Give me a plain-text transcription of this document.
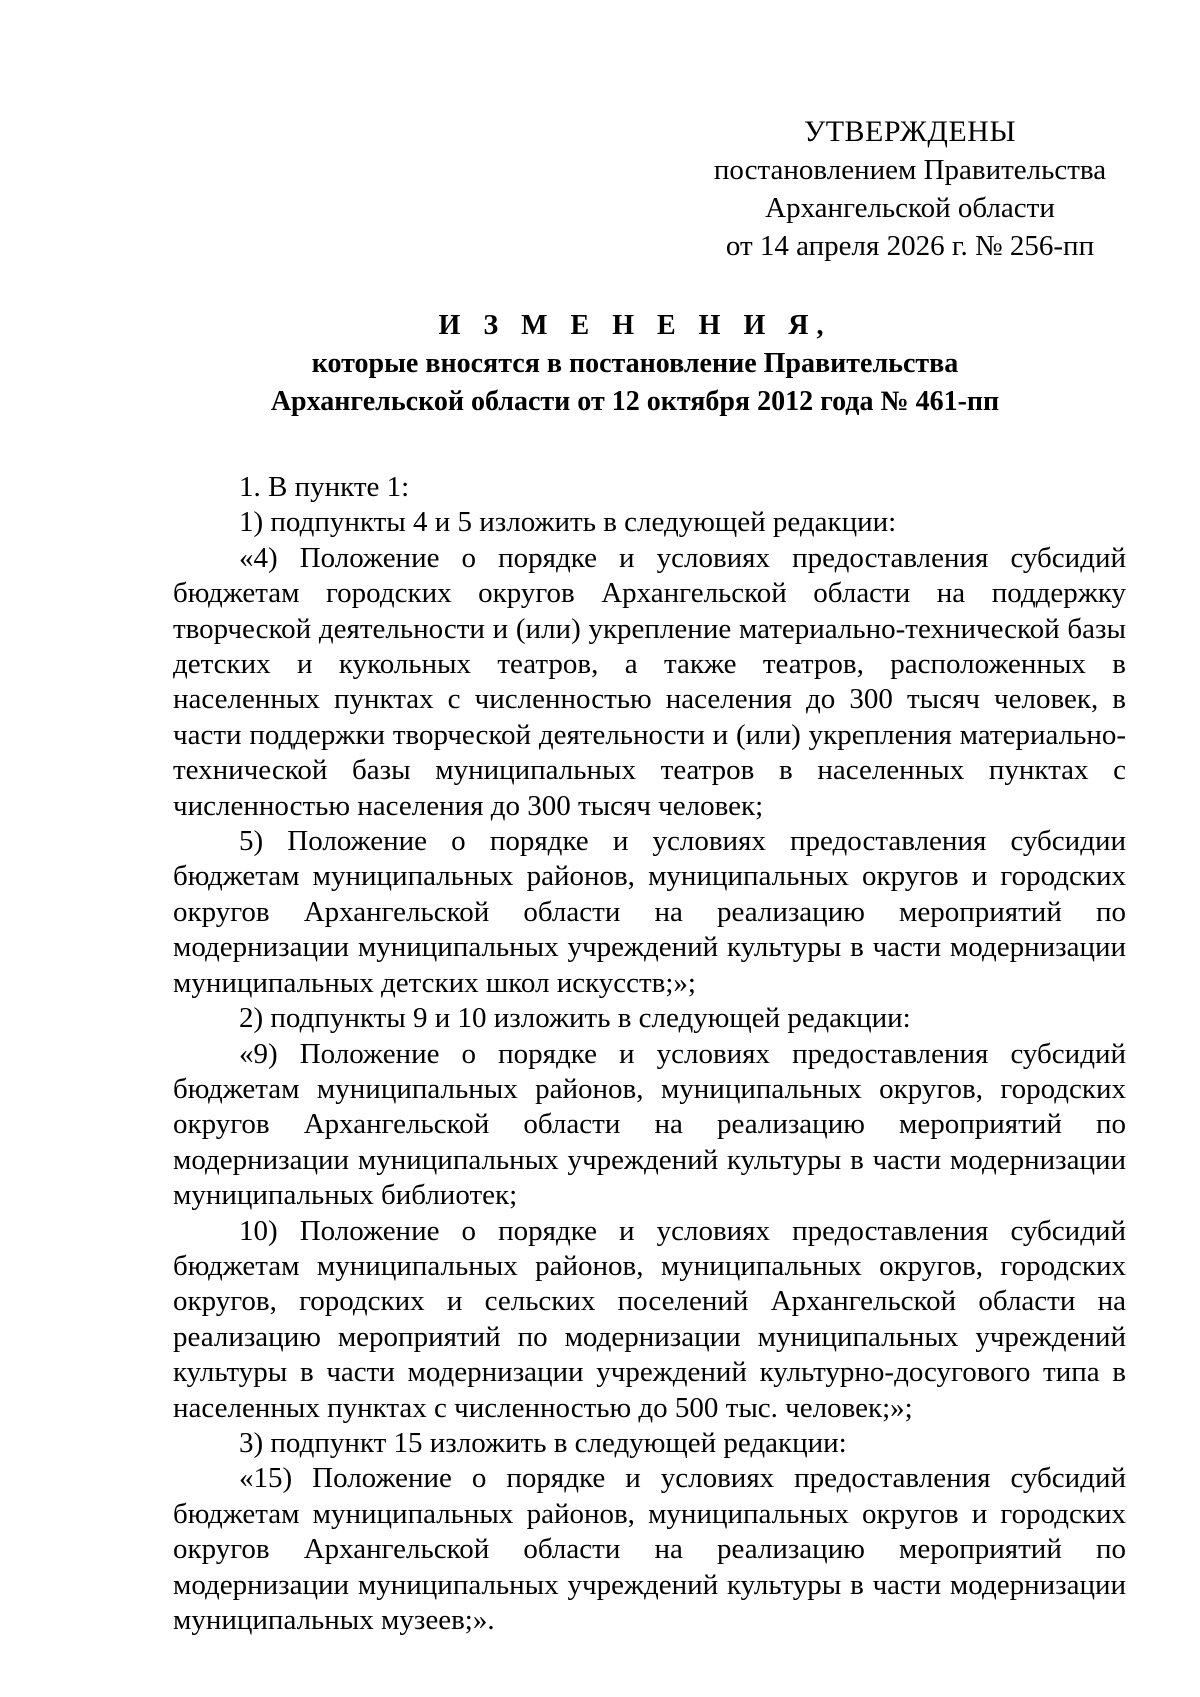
УТВЕРЖДЕНЫ
постановлением Правительства
Архангельской области
от 14 апреля 2026 г. № 256-пп
И З М Е Н Е Н И Я,
которые вносятся в постановление Правительства
Архангельской области от 12 октября 2012 года № 461-пп

1. В пункте 1:

1) подпункты 4 и 5 изложить в следующей редакции:

«4) Положение о порядке и условиях предоставления субсидий бюджетам городских округов Архангельской области на поддержку творческой деятельности и (или) укрепление материально-технической базы детских и кукольных театров, а также театров, расположенных в населенных пунктах с численностью населения до 300 тысяч человек, в части поддержки творческой деятельности и (или) укрепления материально-технической базы муниципальных театров в населенных пунктах с численностью населения до 300 тысяч человек;

5) Положение о порядке и условиях предоставления субсидии бюджетам муниципальных районов, муниципальных округов и городских округов Архангельской области на реализацию мероприятий по модернизации муниципальных учреждений культуры в части модернизации муниципальных детских школ искусств;»;

2) подпункты 9 и 10 изложить в следующей редакции:

«9) Положение о порядке и условиях предоставления субсидий бюджетам муниципальных районов, муниципальных округов, городских округов Архангельской области на реализацию мероприятий по модернизации муниципальных учреждений культуры в части модернизации муниципальных библиотек;

10) Положение о порядке и условиях предоставления субсидий бюджетам муниципальных районов, муниципальных округов, городских округов, городских и сельских поселений Архангельской области на реализацию мероприятий по модернизации муниципальных учреждений культуры в части модернизации учреждений культурно-досугового типа в населенных пунктах с численностью до 500 тыс. человек;»;

3) подпункт 15 изложить в следующей редакции:

«15) Положение о порядке и условиях предоставления субсидий бюджетам муниципальных районов, муниципальных округов и городских округов Архангельской области на реализацию мероприятий по модернизации муниципальных учреждений культуры в части модернизации муниципальных музеев;».
